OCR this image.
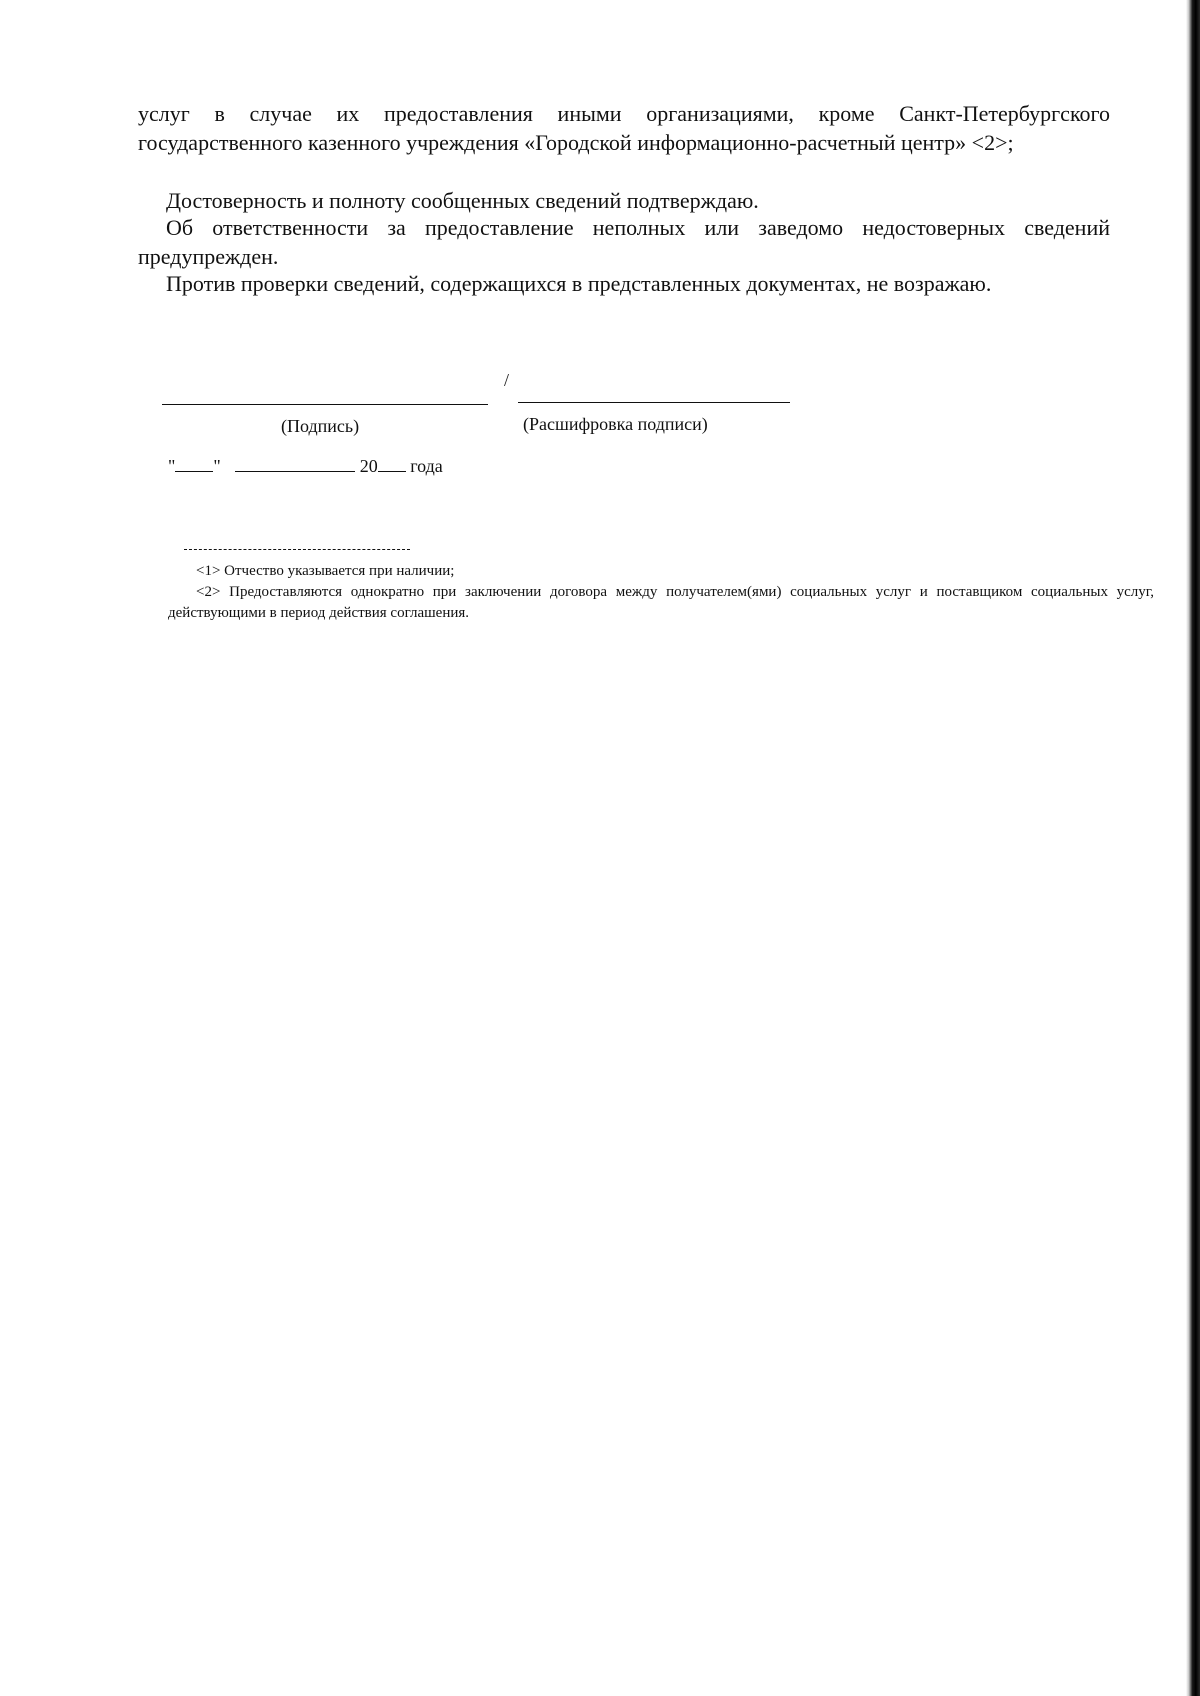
услуг в случае их предоставления иными организациями, кроме Санкт-Петербургского
государственного казенного учреждения «Городской информационно-расчетный центр» <2>;
Достоверность и полноту сообщенных сведений подтверждаю.
Об ответственности за предоставление неполных или заведомо недостоверных сведений предупрежден.
Против проверки сведений, содержащихся в представленных документах, не возражаю.
/
(Подпись)	(Расшифровка подписи)
" "	20 года
<1> Отчество указывается при наличии;
<2> Предоставляются однократно при заключении договора между получателем(ями) социальных услуг и поставщиком социальных услуг, действующими в период действия соглашения.
